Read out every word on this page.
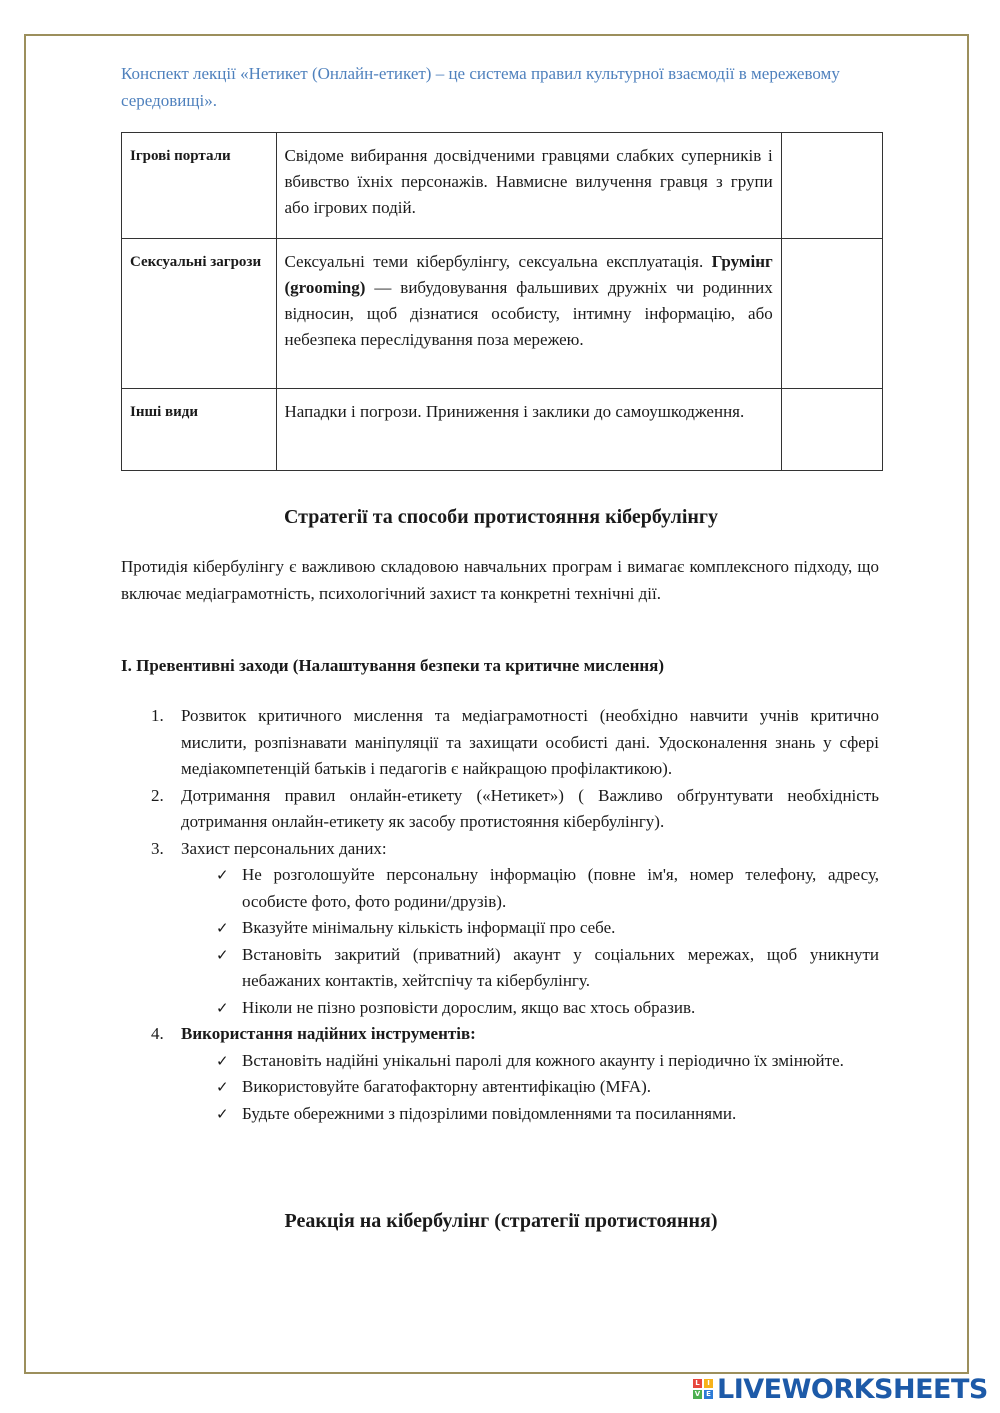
Конспект лекції «Нетикет (Онлайн-етикет) – це система правил культурної взаємодії в мережевому середовищі».
Ігрові портали	Свідоме вибирання досвідченими гравцями слабких суперників і вбивство їхніх персонажів. Навмисне вилучення гравця з групи або ігрових подій.	
Сексуальні загрози	Сексуальні теми кібербулінгу, сексуальна експлуатація. Грумінг (grooming) — вибудовування фальшивих дружніх чи родинних відносин, щоб дізнатися особисту, інтимну інформацію, або небезпека переслідування поза мережею.	
Інші види	Нападки і погрози. Приниження і заклики до самоушкодження.	
Стратегії та способи протистояння кібербулінгу
Протидія кібербулінгу є важливою складовою навчальних програм і вимагає комплексного підходу, що включає медіаграмотність, психологічний захист та конкретні технічні дії.
І. Превентивні заходи (Налаштування безпеки та критичне мислення)
1. Розвиток критичного мислення та медіаграмотності (необхідно навчити учнів критично мислити, розпізнавати маніпуляції та захищати особисті дані. Удосконалення знань у сфері медіакомпетенцій батьків і педагогів є найкращою профілактикою).
2. Дотримання правил онлайн-етикету («Нетикет») ( Важливо обґрунтувати необхідність дотримання онлайн-етикету як засобу протистояння кібербулінгу).
3. Захист персональних даних:
✓ Не розголошуйте персональну інформацію (повне ім'я, номер телефону, адресу, особисте фото, фото родини/друзів).
✓ Вказуйте мінімальну кількість інформації про себе.
✓ Встановіть закритий (приватний) акаунт у соціальних мережах, щоб уникнути небажаних контактів, хейтспічу та кібербулінгу.
✓ Ніколи не пізно розповісти дорослим, якщо вас хтось образив.
4. Використання надійних інструментів:
✓ Встановіть надійні унікальні паролі для кожного акаунту і періодично їх змінюйте.
✓ Використовуйте багатофакторну автентифікацію (MFA).
✓ Будьте обережними з підозрілими повідомленнями та посиланнями.
Реакція на кібербулінг (стратегії протистояння)
L	I
V E LIVEWORKSHEETS
